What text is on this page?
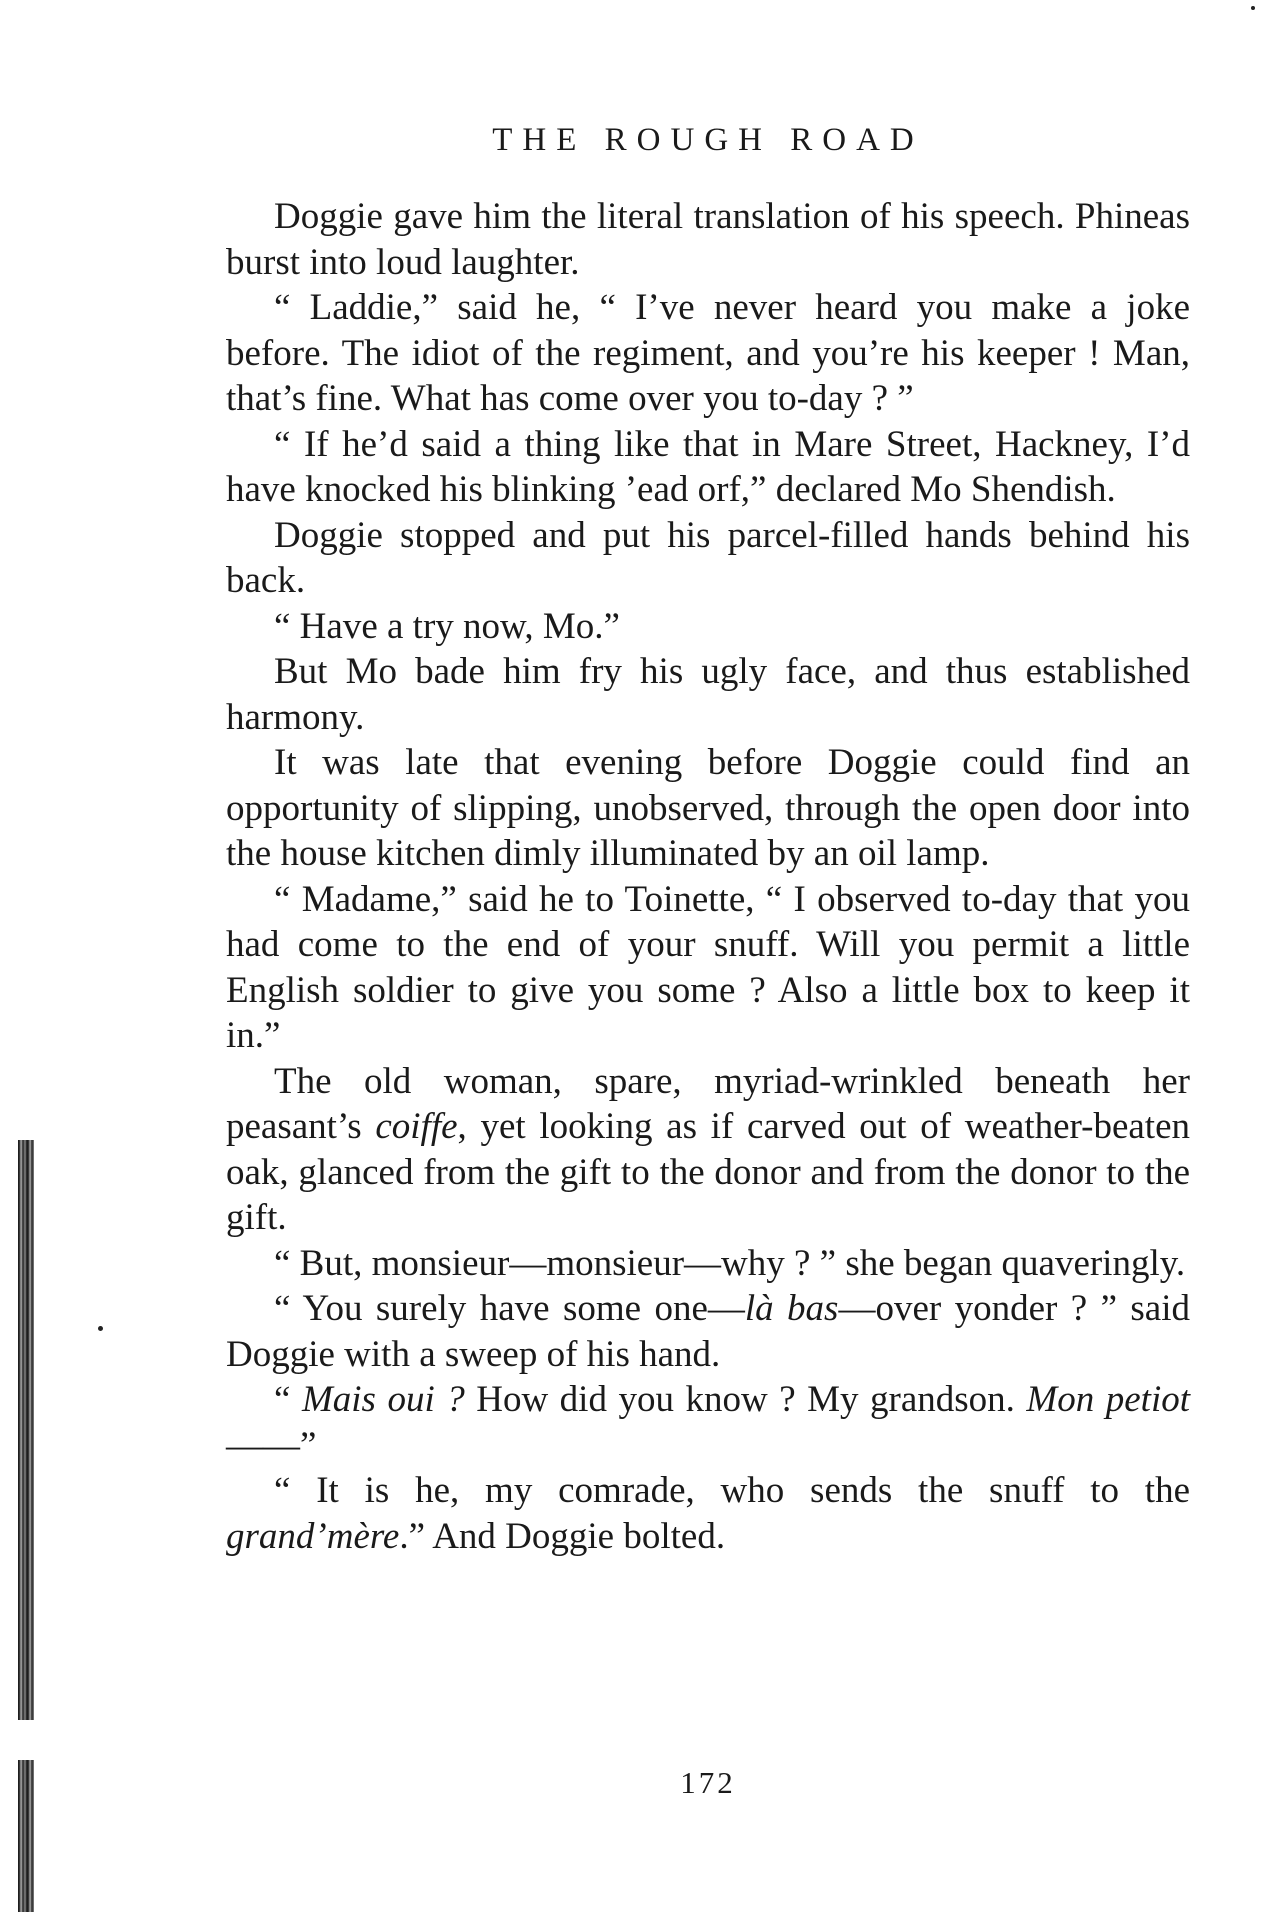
THE ROUGH ROAD

Doggie gave him the literal translation of his speech. Phineas burst into loud laughter.

“ Laddie,” said he, “ I’ve never heard you make a joke before. The idiot of the regiment, and you’re his keeper ! Man, that’s fine. What has come over you to-day ? ”

“ If he’d said a thing like that in Mare Street, Hackney, I’d have knocked his blinking ’ead orf,” declared Mo Shendish.

Doggie stopped and put his parcel-filled hands behind his back.

“ Have a try now, Mo.”

But Mo bade him fry his ugly face, and thus established harmony.

It was late that evening before Doggie could find an opportunity of slipping, unobserved, through the open door into the house kitchen dimly illuminated by an oil lamp.

“ Madame,” said he to Toinette, “ I observed to-day that you had come to the end of your snuff. Will you permit a little English soldier to give you some ? Also a little box to keep it in.”

The old woman, spare, myriad-wrinkled beneath her peasant’s coiffe, yet looking as if carved out of weather-beaten oak, glanced from the gift to the donor and from the donor to the gift.

“ But, monsieur—monsieur—why ? ” she began quaveringly.

“ You surely have some one—là bas—over yonder ? ” said Doggie with a sweep of his hand.

“ Mais oui ? How did you know ? My grandson. Mon petiot——”

“ It is he, my comrade, who sends the snuff to the grand’mère.” And Doggie bolted.

172
